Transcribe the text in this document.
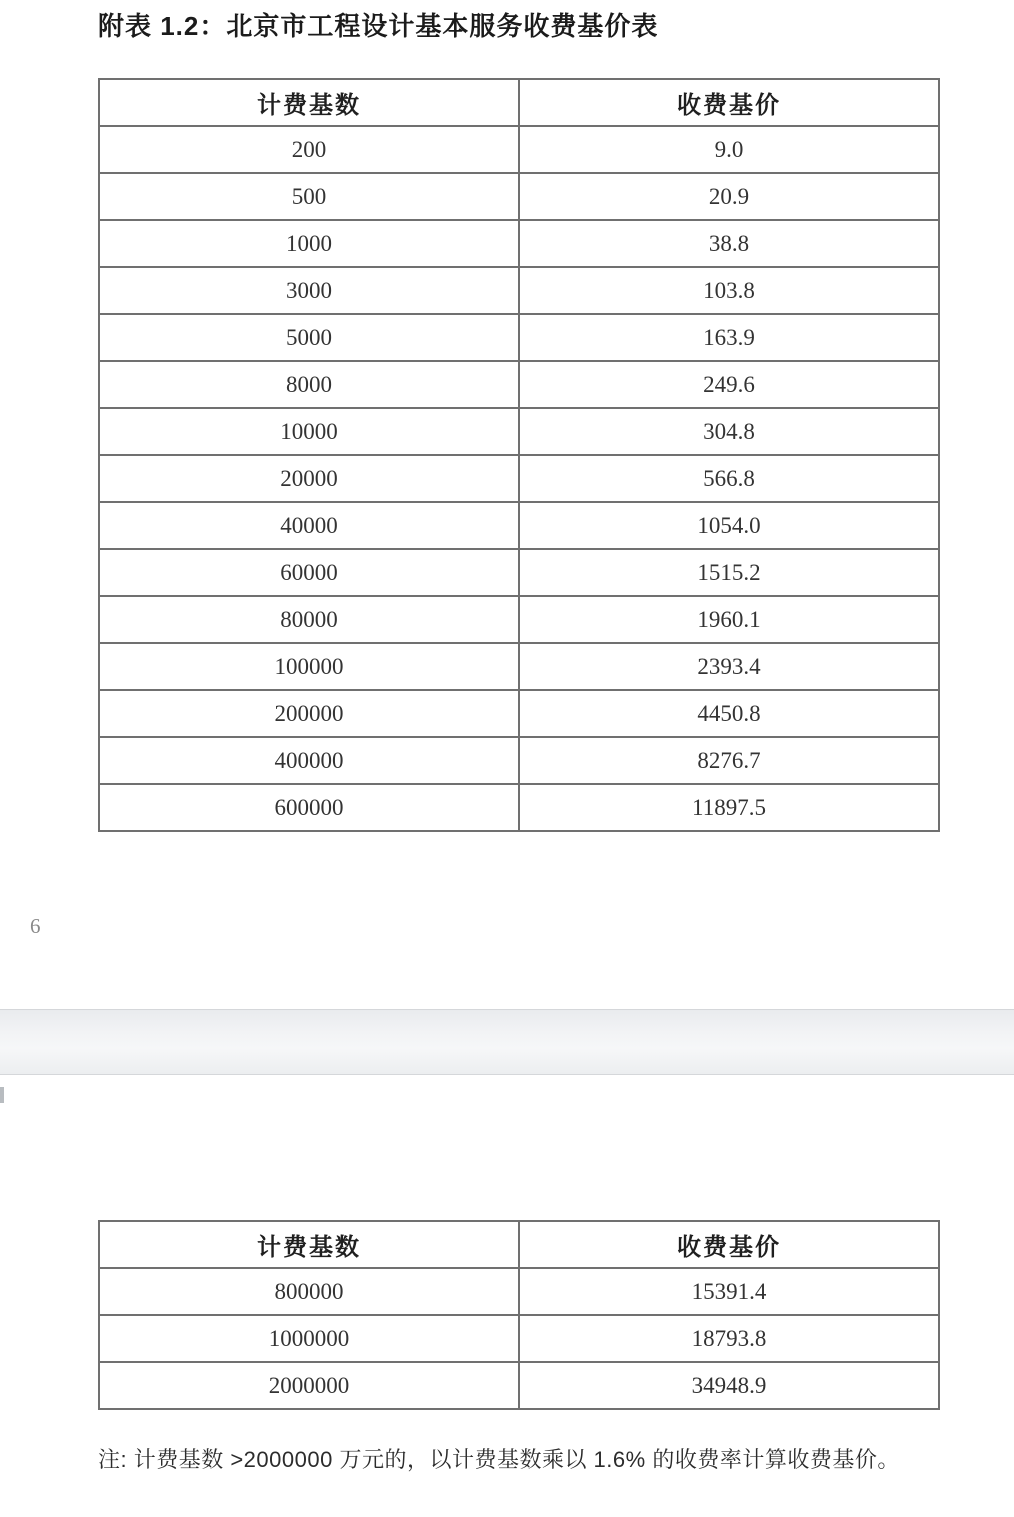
附表 1.2：北京市工程设计基本服务收费基价表
计费基数	收费基价
200	9.0
500	20.9
1000	38.8
3000	103.8
5000	163.9
8000	249.6
10000	304.8
20000	566.8
40000	1054.0
60000	1515.2
80000	1960.1
100000	2393.4
200000	4450.8
400000	8276.7
600000	11897.5
6
计费基数	收费基价
800000	15391.4
1000000	18793.8
2000000	34948.9
注: 计费基数 >2000000 万元的，以计费基数乘以 1.6% 的收费率计算收费基价。
